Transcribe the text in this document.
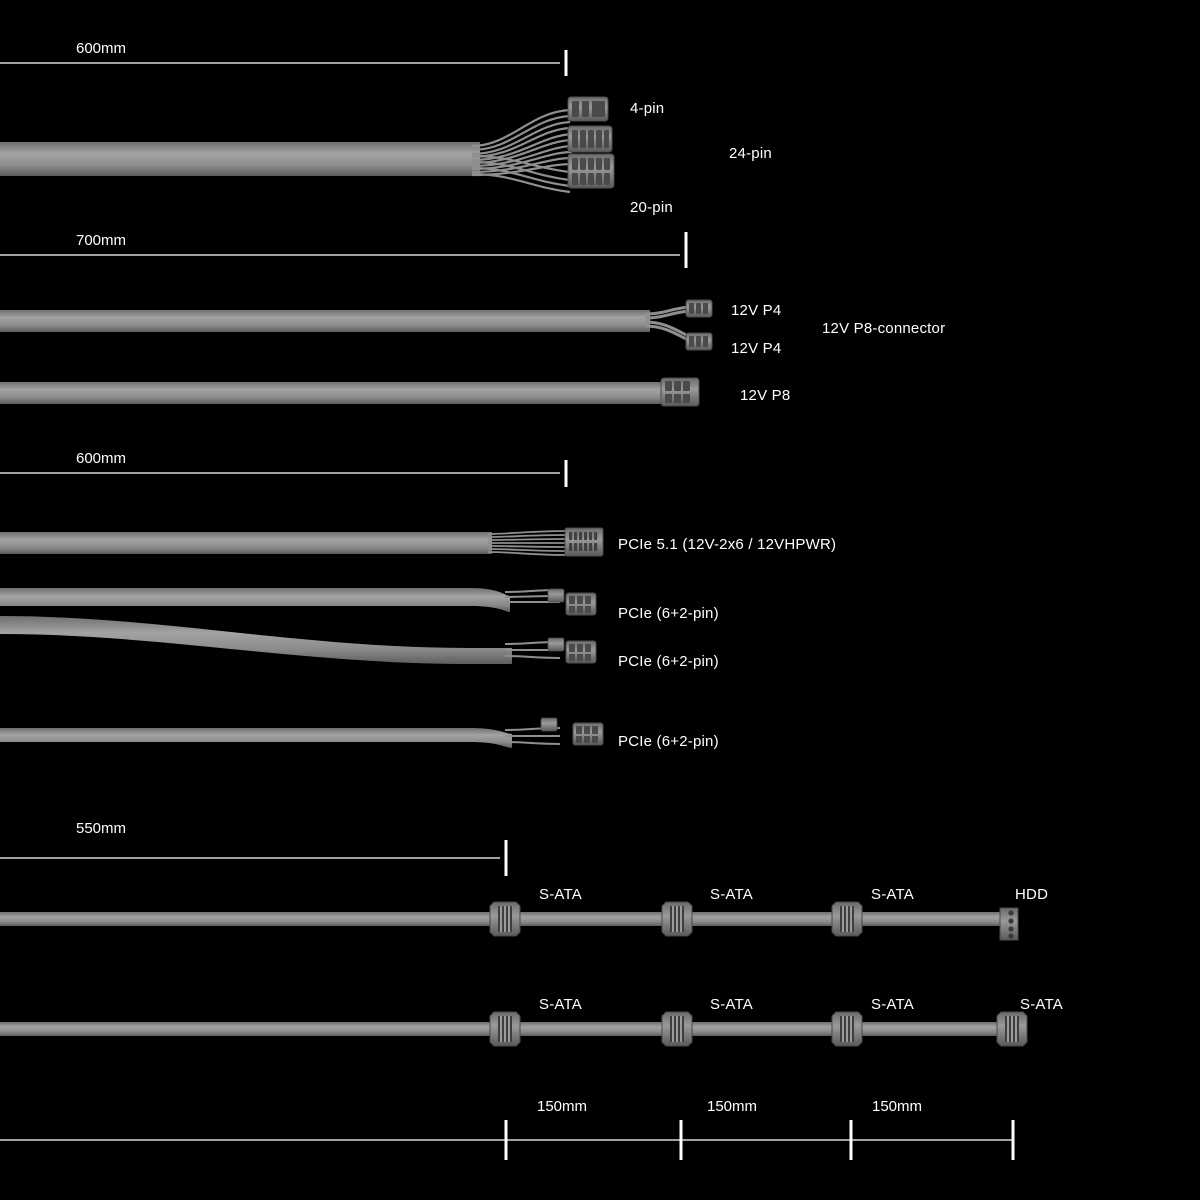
600mm
700mm
600mm
550mm
150mm	150mm	150mm
4-pin
24-pin
20-pin
12V P4
12V P8-connector
12V P4
12V P8
PCIe 5.1 (12V-2x6 / 12VHPWR)
PCIe (6+2-pin)
PCIe (6+2-pin)
PCIe (6+2-pin)
S-ATA	S-ATA	S-ATA	HDD
S-ATA	S-ATA	S-ATA	S-ATA
